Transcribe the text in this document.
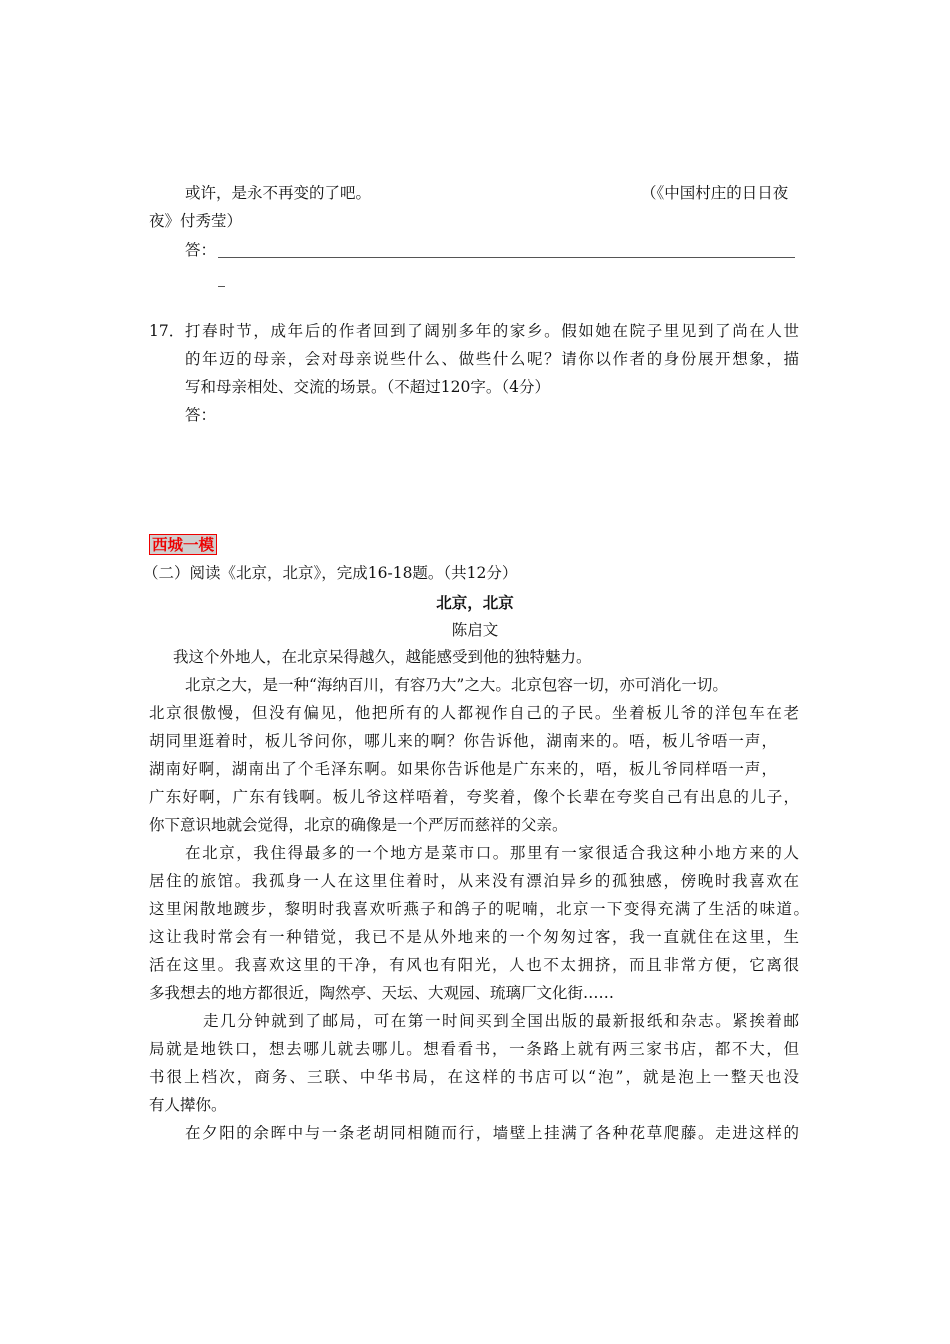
或许，是永不再变的了吧。	（《中国村庄的日日夜
夜》付秀莹）
答：
17． 打春时节，成年后的作者回到了阔别多年的家乡。假如她在院子里见到了尚在人世
的年迈的母亲，会对母亲说些什么、做些什么呢？请你以作者的身份展开想象，描
写和母亲相处、交流的场景。（不超过120字。（4分）
答：
西城一模
（二）阅读《北京，北京》，完成16-18题。（共12分）
北京，北京
陈启文
我这个外地人，在北京呆得越久，越能感受到他的独特魅力。
北京之大，是一种“海纳百川，有容乃大”之大。北京包容一切，亦可消化一切。
北京很傲慢，但没有偏见，他把所有的人都视作自己的子民。坐着板儿爷的洋包车在老
胡同里逛着时，板儿爷问你，哪儿来的啊？你告诉他，湖南来的。唔，板儿爷唔一声，
湖南好啊，湖南出了个毛泽东啊。如果你告诉他是广东来的，唔，板儿爷同样唔一声，
广东好啊，广东有钱啊。板儿爷这样唔着，夸奖着，像个长辈在夸奖自己有出息的儿子，
你下意识地就会觉得，北京的确像是一个严厉而慈祥的父亲。
在北京，我住得最多的一个地方是菜市口。那里有一家很适合我这种小地方来的人
居住的旅馆。我孤身一人在这里住着时，从来没有漂泊异乡的孤独感，傍晚时我喜欢在
这里闲散地踱步，黎明时我喜欢听燕子和鸽子的呢喃，北京一下变得充满了生活的味道。
这让我时常会有一种错觉，我已不是从外地来的一个匆匆过客，我一直就住在这里，生
活在这里。我喜欢这里的干净，有风也有阳光，人也不太拥挤，而且非常方便，它离很
多我想去的地方都很近，陶然亭、天坛、大观园、琉璃厂文化街……
走几分钟就到了邮局，可在第一时间买到全国出版的最新报纸和杂志。紧挨着邮
局就是地铁口，想去哪儿就去哪儿。想看看书，一条路上就有两三家书店，都不大，但
书很上档次，商务、三联、中华书局，在这样的书店可以“泡”，就是泡上一整天也没
有人撵你。
在夕阳的余晖中与一条老胡同相随而行，墙壁上挂满了各种花草爬藤。走进这样的
